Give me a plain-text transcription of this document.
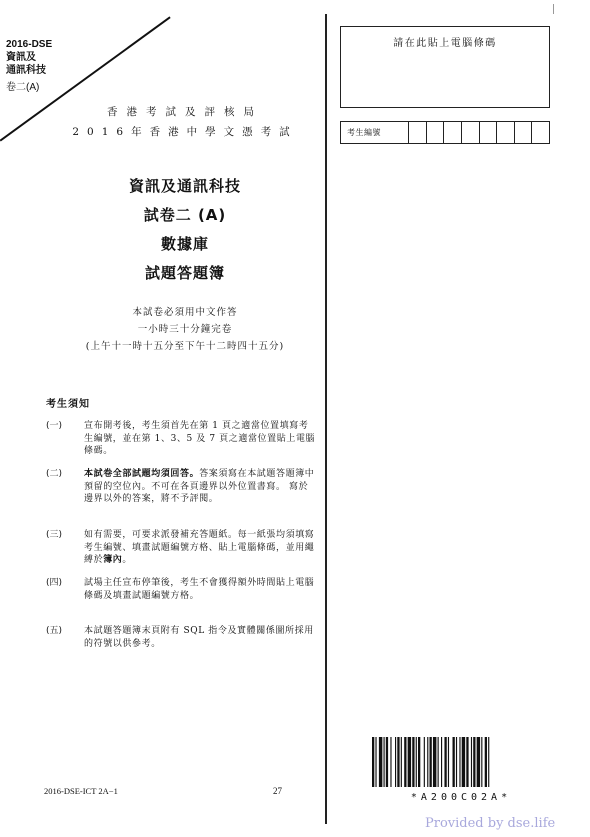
2016-DSE
資訊及
通訊科技
卷二(A)
香港考試及評核局
2016年香港中學文憑考試
資訊及通訊科技
試卷二 (A)
數據庫
試題答題簿
本試卷必須用中文作答
一小時三十分鐘完卷
(上午十一時十五分至下午十二時四十五分)
考生須知
(一)	宣布開考後，考生須首先在第 1 頁之適當位置填寫考生編號，並在第 1、3、5 及 7 頁之適當位置貼上電腦條碼。
(二)	本試卷全部試題均須回答。答案須寫在本試題答題簿中預留的空位內。不可在各頁邊界以外位置書寫。 寫於邊界以外的答案，將不予評閱。
(三)	如有需要，可要求派發補充答題紙。每一紙張均須填寫考生編號、填畫試題編號方格、貼上電腦條碼，並用繩縛於簿內。
(四)	試場主任宣布停筆後，考生不會獲得額外時間貼上電腦條碼及填畫試題編號方格。
(五)	本試題答題簿末頁附有 SQL 指令及實體關係圖所採用的符號以供參考。
2016-DSE-ICT 2A−1	27
請在此貼上電腦條碼
考生編號
*A200C02A*
Provided by dse.life
